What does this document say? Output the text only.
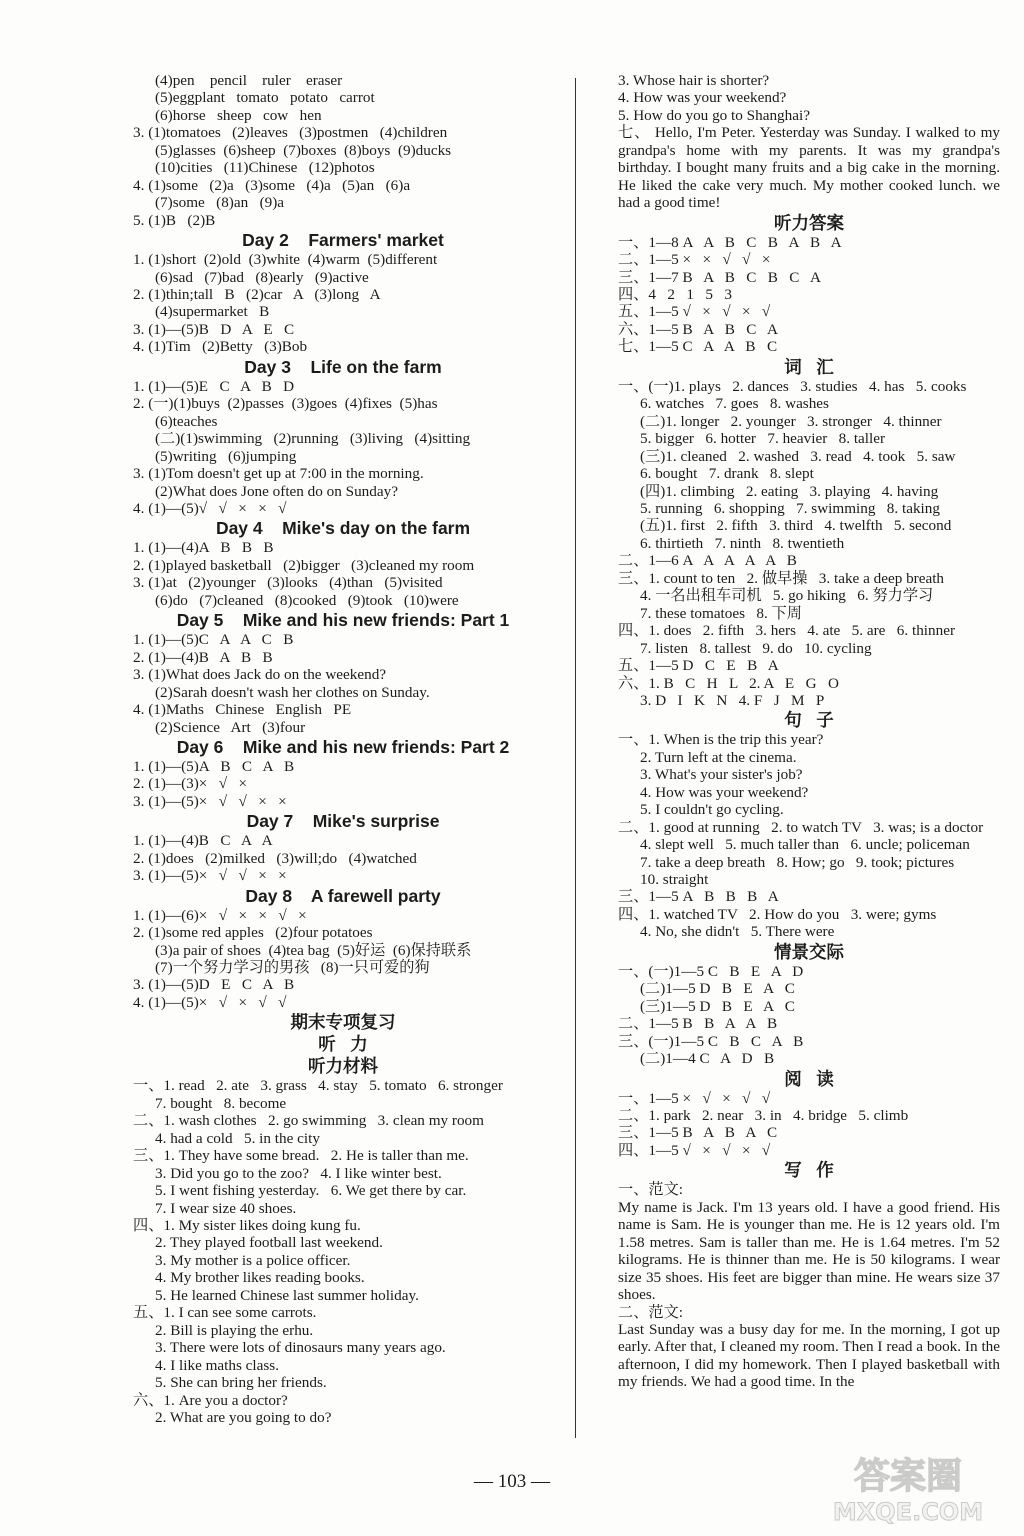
(4)pen    pencil    ruler    eraser
(5)eggplant   tomato   potato   carrot
(6)horse   sheep   cow   hen
3. (1)tomatoes   (2)leaves   (3)postmen   (4)children
(5)glasses  (6)sheep  (7)boxes  (8)boys  (9)ducks
(10)cities   (11)Chinese   (12)photos
4. (1)some   (2)a   (3)some   (4)a   (5)an   (6)a
(7)some   (8)an   (9)a
5. (1)B   (2)B
Day 2    Farmers' market
1. (1)short  (2)old  (3)white  (4)warm  (5)different
(6)sad   (7)bad   (8)early   (9)active
2. (1)thin;tall   B   (2)car   A   (3)long   A
(4)supermarket   B
3. (1)—(5)B   D   A   E   C
4. (1)Tim   (2)Betty   (3)Bob
Day 3    Life on the farm
1. (1)—(5)E   C   A   B   D
2. (一)(1)buys  (2)passes  (3)goes  (4)fixes  (5)has
(6)teaches
(二)(1)swimming   (2)running   (3)living   (4)sitting
(5)writing   (6)jumping
3. (1)Tom doesn't get up at 7:00 in the morning.
(2)What does Jone often do on Sunday?
4. (1)—(5)√   √   ×   ×   √
Day 4    Mike's day on the farm
1. (1)—(4)A   B   B   B
2. (1)played basketball   (2)bigger   (3)cleaned my room
3. (1)at   (2)younger   (3)looks   (4)than   (5)visited
(6)do   (7)cleaned   (8)cooked   (9)took   (10)were
Day 5    Mike and his new friends: Part 1
1. (1)—(5)C   A   A   C   B
2. (1)—(4)B   A   B   B
3. (1)What does Jack do on the weekend?
(2)Sarah doesn't wash her clothes on Sunday.
4. (1)Maths   Chinese   English   PE
(2)Science   Art   (3)four
Day 6    Mike and his new friends: Part 2
1. (1)—(5)A   B   C   A   B
2. (1)—(3)×   √   ×
3. (1)—(5)×   √   √   ×   ×
Day 7    Mike's surprise
1. (1)—(4)B   C   A   A
2. (1)does   (2)milked   (3)will;do   (4)watched
3. (1)—(5)×   √   √   ×   ×
Day 8    A farewell party
1. (1)—(6)×   √   ×   ×   √   ×
2. (1)some red apples   (2)four potatoes
(3)a pair of shoes  (4)tea bag  (5)好运  (6)保持联系
(7)一个努力学习的男孩   (8)一只可爱的狗
3. (1)—(5)D   E   C   A   B
4. (1)—(5)×   √   ×   √   √
期末专项复习
听   力
听力材料
一、1. read   2. ate   3. grass   4. stay   5. tomato   6. stronger
7. bought   8. become
二、1. wash clothes   2. go swimming   3. clean my room
4. had a cold   5. in the city
三、1. They have some bread.   2. He is taller than me.
3. Did you go to the zoo?   4. I like winter best.
5. I went fishing yesterday.   6. We get there by car.
7. I wear size 40 shoes.
四、1. My sister likes doing kung fu.
2. They played football last weekend.
3. My mother is a police officer.
4. My brother likes reading books.
5. He learned Chinese last summer holiday.
五、1. I can see some carrots.
2. Bill is playing the erhu.
3. There were lots of dinosaurs many years ago.
4. I like maths class.
5. She can bring her friends.
六、1. Are you a doctor?
2. What are you going to do?
3. Whose hair is shorter?
4. How was your weekend?
5. How do you go to Shanghai?
七、 Hello, I'm Peter. Yesterday was Sunday. I walked to my grandpa's home with my parents. It was my grandpa's birthday. I bought many fruits and a big cake in the morning. He liked the cake very much. My mother cooked lunch. we had a good time!
听力答案
一、1—8 A   A   B   C   B   A   B   A
二、1—5 ×   ×   √   √   ×
三、1—7 B   A   B   C   B   C   A
四、4   2   1   5   3
五、1—5 √   ×   √   ×   √
六、1—5 B   A   B   C   A
七、1—5 C   A   A   B   C
词   汇
一、(一)1. plays   2. dances   3. studies   4. has   5. cooks
6. watches   7. goes   8. washes
(二)1. longer   2. younger   3. stronger   4. thinner
5. bigger   6. hotter   7. heavier   8. taller
(三)1. cleaned   2. washed   3. read   4. took   5. saw
6. bought   7. drank   8. slept
(四)1. climbing   2. eating   3. playing   4. having
5. running   6. shopping   7. swimming   8. taking
(五)1. first   2. fifth   3. third   4. twelfth   5. second
6. thirtieth   7. ninth   8. twentieth
二、1—6 A   A   A   A   A   B
三、1. count to ten   2. 做早操   3. take a deep breath
4. 一名出租车司机   5. go hiking   6. 努力学习
7. these tomatoes   8. 下周
四、1. does   2. fifth   3. hers   4. ate   5. are   6. thinner
7. listen   8. tallest   9. do   10. cycling
五、1—5 D   C   E   B   A
六、1. B   C   H   L   2. A   E   G   O
3. D   I   K   N   4. F   J   M   P
句   子
一、1. When is the trip this year?
2. Turn left at the cinema.
3. What's your sister's job?
4. How was your weekend?
5. I couldn't go cycling.
二、1. good at running   2. to watch TV   3. was; is a doctor
4. slept well   5. much taller than   6. uncle; policeman
7. take a deep breath   8. How; go   9. took; pictures
10. straight
三、1—5 A   B   B   B   A
四、1. watched TV   2. How do you   3. were; gyms
4. No, she didn't   5. There were
情景交际
一、(一)1—5 C   B   E   A   D
(二)1—5 D   B   E   A   C
(三)1—5 D   B   E   A   C
二、1—5 B   B   A   A   B
三、(一)1—5 C   B   C   A   B
(二)1—4 C   A   D   B
阅   读
一、1—5 ×   √   ×   √   √
二、1. park   2. near   3. in   4. bridge   5. climb
三、1—5 B   A   B   A   C
四、1—5 √   ×   √   ×   √
写   作
一、范文:
My name is Jack. I'm 13 years old. I have a good friend. His name is Sam. He is younger than me. He is 12 years old. I'm 1.58 metres. Sam is taller than me. He is 1.64 metres. I'm 52 kilograms. He is thinner than me. He is 50 kilograms. I wear size 35 shoes. His feet are bigger than mine. He wears size 37 shoes.
二、范文:
Last Sunday was a busy day for me. In the morning, I got up early. After that, I cleaned my room. Then I read a book. In the afternoon, I did my homework. Then I played basketball with my friends. We had a good time. In the
— 103 —	答案圈
MXQE.COM
